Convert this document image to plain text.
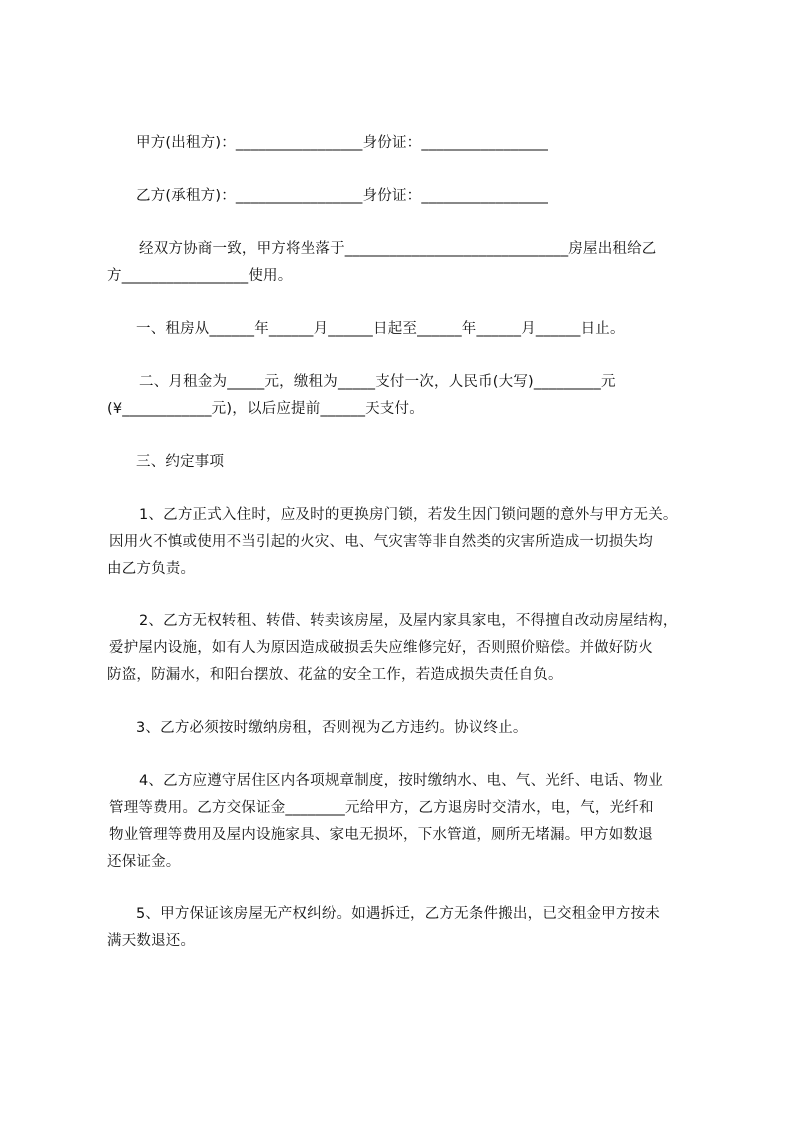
甲方(出租方)：_________________身份证：_________________
乙方(承租方)：_________________身份证：_________________
经双方协商一致，甲方将坐落于______________________________房屋出租给乙
方_________________使用。
一、租房从______年______月______日起至______年______月______日止。
二、月租金为_____元，缴租为_____支付一次，人民币(大写)_________元
(¥____________元)，以后应提前______天支付。
三、约定事项
1、乙方正式入住时，应及时的更换房门锁，若发生因门锁问题的意外与甲方无关。
因用火不慎或使用不当引起的火灾、电、气灾害等非自然类的灾害所造成一切损失均
由乙方负责。
2、乙方无权转租、转借、转卖该房屋，及屋内家具家电，不得擅自改动房屋结构，
爱护屋内设施，如有人为原因造成破损丢失应维修完好，否则照价赔偿。并做好防火
防盗，防漏水，和阳台摆放、花盆的安全工作，若造成损失责任自负。
3、乙方必须按时缴纳房租，否则视为乙方违约。协议终止。
4、乙方应遵守居住区内各项规章制度，按时缴纳水、电、气、光纤、电话、物业
管理等费用。乙方交保证金________元给甲方，乙方退房时交清水，电，气，光纤和
物业管理等费用及屋内设施家具、家电无损坏，下水管道，厕所无堵漏。甲方如数退
还保证金。
5、甲方保证该房屋无产权纠纷。如遇拆迁，乙方无条件搬出，已交租金甲方按未
满天数退还。
